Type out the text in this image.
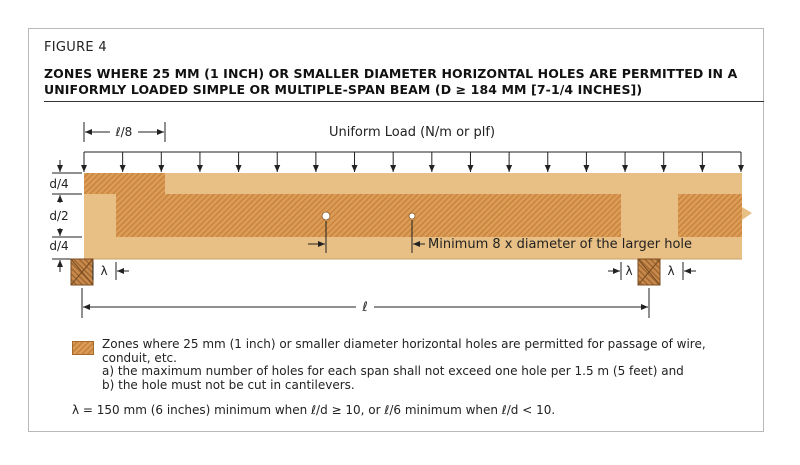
FIGURE 4
ZONES WHERE 25 MM (1 INCH) OR SMALLER DIAMETER HORIZONTAL HOLES ARE PERMITTED IN A UNIFORMLY LOADED SIMPLE OR MULTIPLE-SPAN BEAM (D ≥ 184 MM [7-1/4 INCHES])
ℓ/8	Uniform Load (N/m or plf)
Minimum 8 x diameter of the larger hole
d/4
d/2
d/4
λ	λ	λ
ℓ
Zones where 25 mm (1 inch) or smaller diameter horizontal holes are permitted for passage of wire,
conduit, etc.
a) the maximum number of holes for each span shall not exceed one hole per 1.5 m (5 feet) and
b) the hole must not be cut in cantilevers.
λ = 150 mm (6 inches) minimum when ℓ/d ≥ 10, or ℓ/6 minimum when ℓ/d < 10.
